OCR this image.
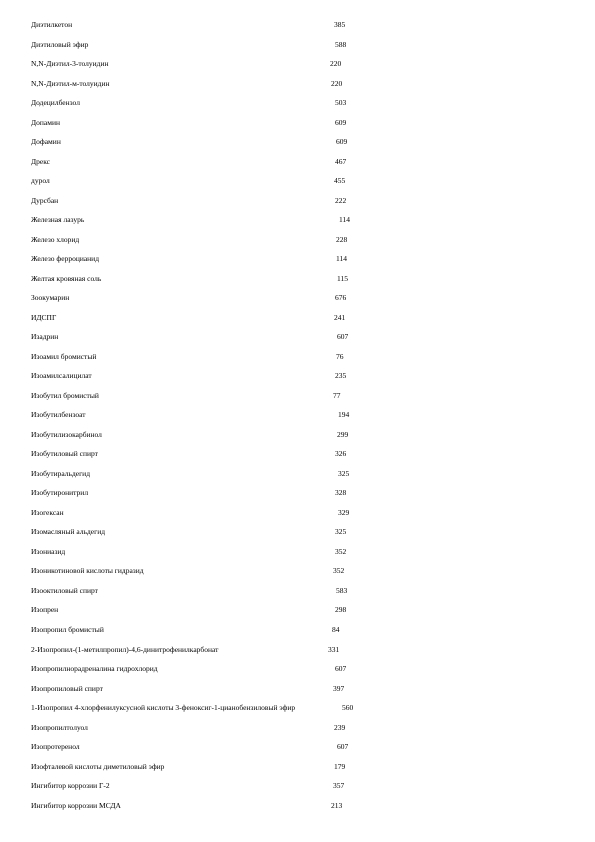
Диэтилкетон	385
Диэтиловый эфир	588
N,N-Диэтил-3-толуидин	220
N,N-Диэтил-м-толуидин	220
Додецилбензол	503
Допамин	609
Дофамин	609
Дрекс	467
дурол	455
Дурсбан	222
Железная лазурь	114
Железо хлорид	228
Железо ферроцианид	114
Желтая кровяная соль	115
Зоокумарин	676
ИДСПГ	241
Изадрин	607
Изоамил бромистый	76
Изоамилсалицилат	235
Изобутил бромистый	77
Изобутилбензоат	194
Изобутилизокарбинол	299
Изобутиловый спирт	326
Изобутиральдегид	325
Изобутиронитрил	328
Изогексан	329
Изомасляный альдегид	325
Изониазид	352
Изоникотиновой кислоты гидразид	352
Изооктиловый спирт	583
Изопрен	298
Изопропил бромистый	84
2-Изопропил-(1-метилпропил)-4,6-динитрофенилкарбонат	331
Изопропилнорадреналина гидрохлорид	607
Изопропиловый спирт	397
1-Изопропил 4-хлорфенилуксусной кислоты 3-феноксиг-1-цианобензиловый эфир	560
Изопропилтолуол	239
Изопротеренол	607
Изофталевой кислоты диметиловый эфир	179
Ингибитор коррозии Г-2	357
Ингибитор коррозии МСДА	213
